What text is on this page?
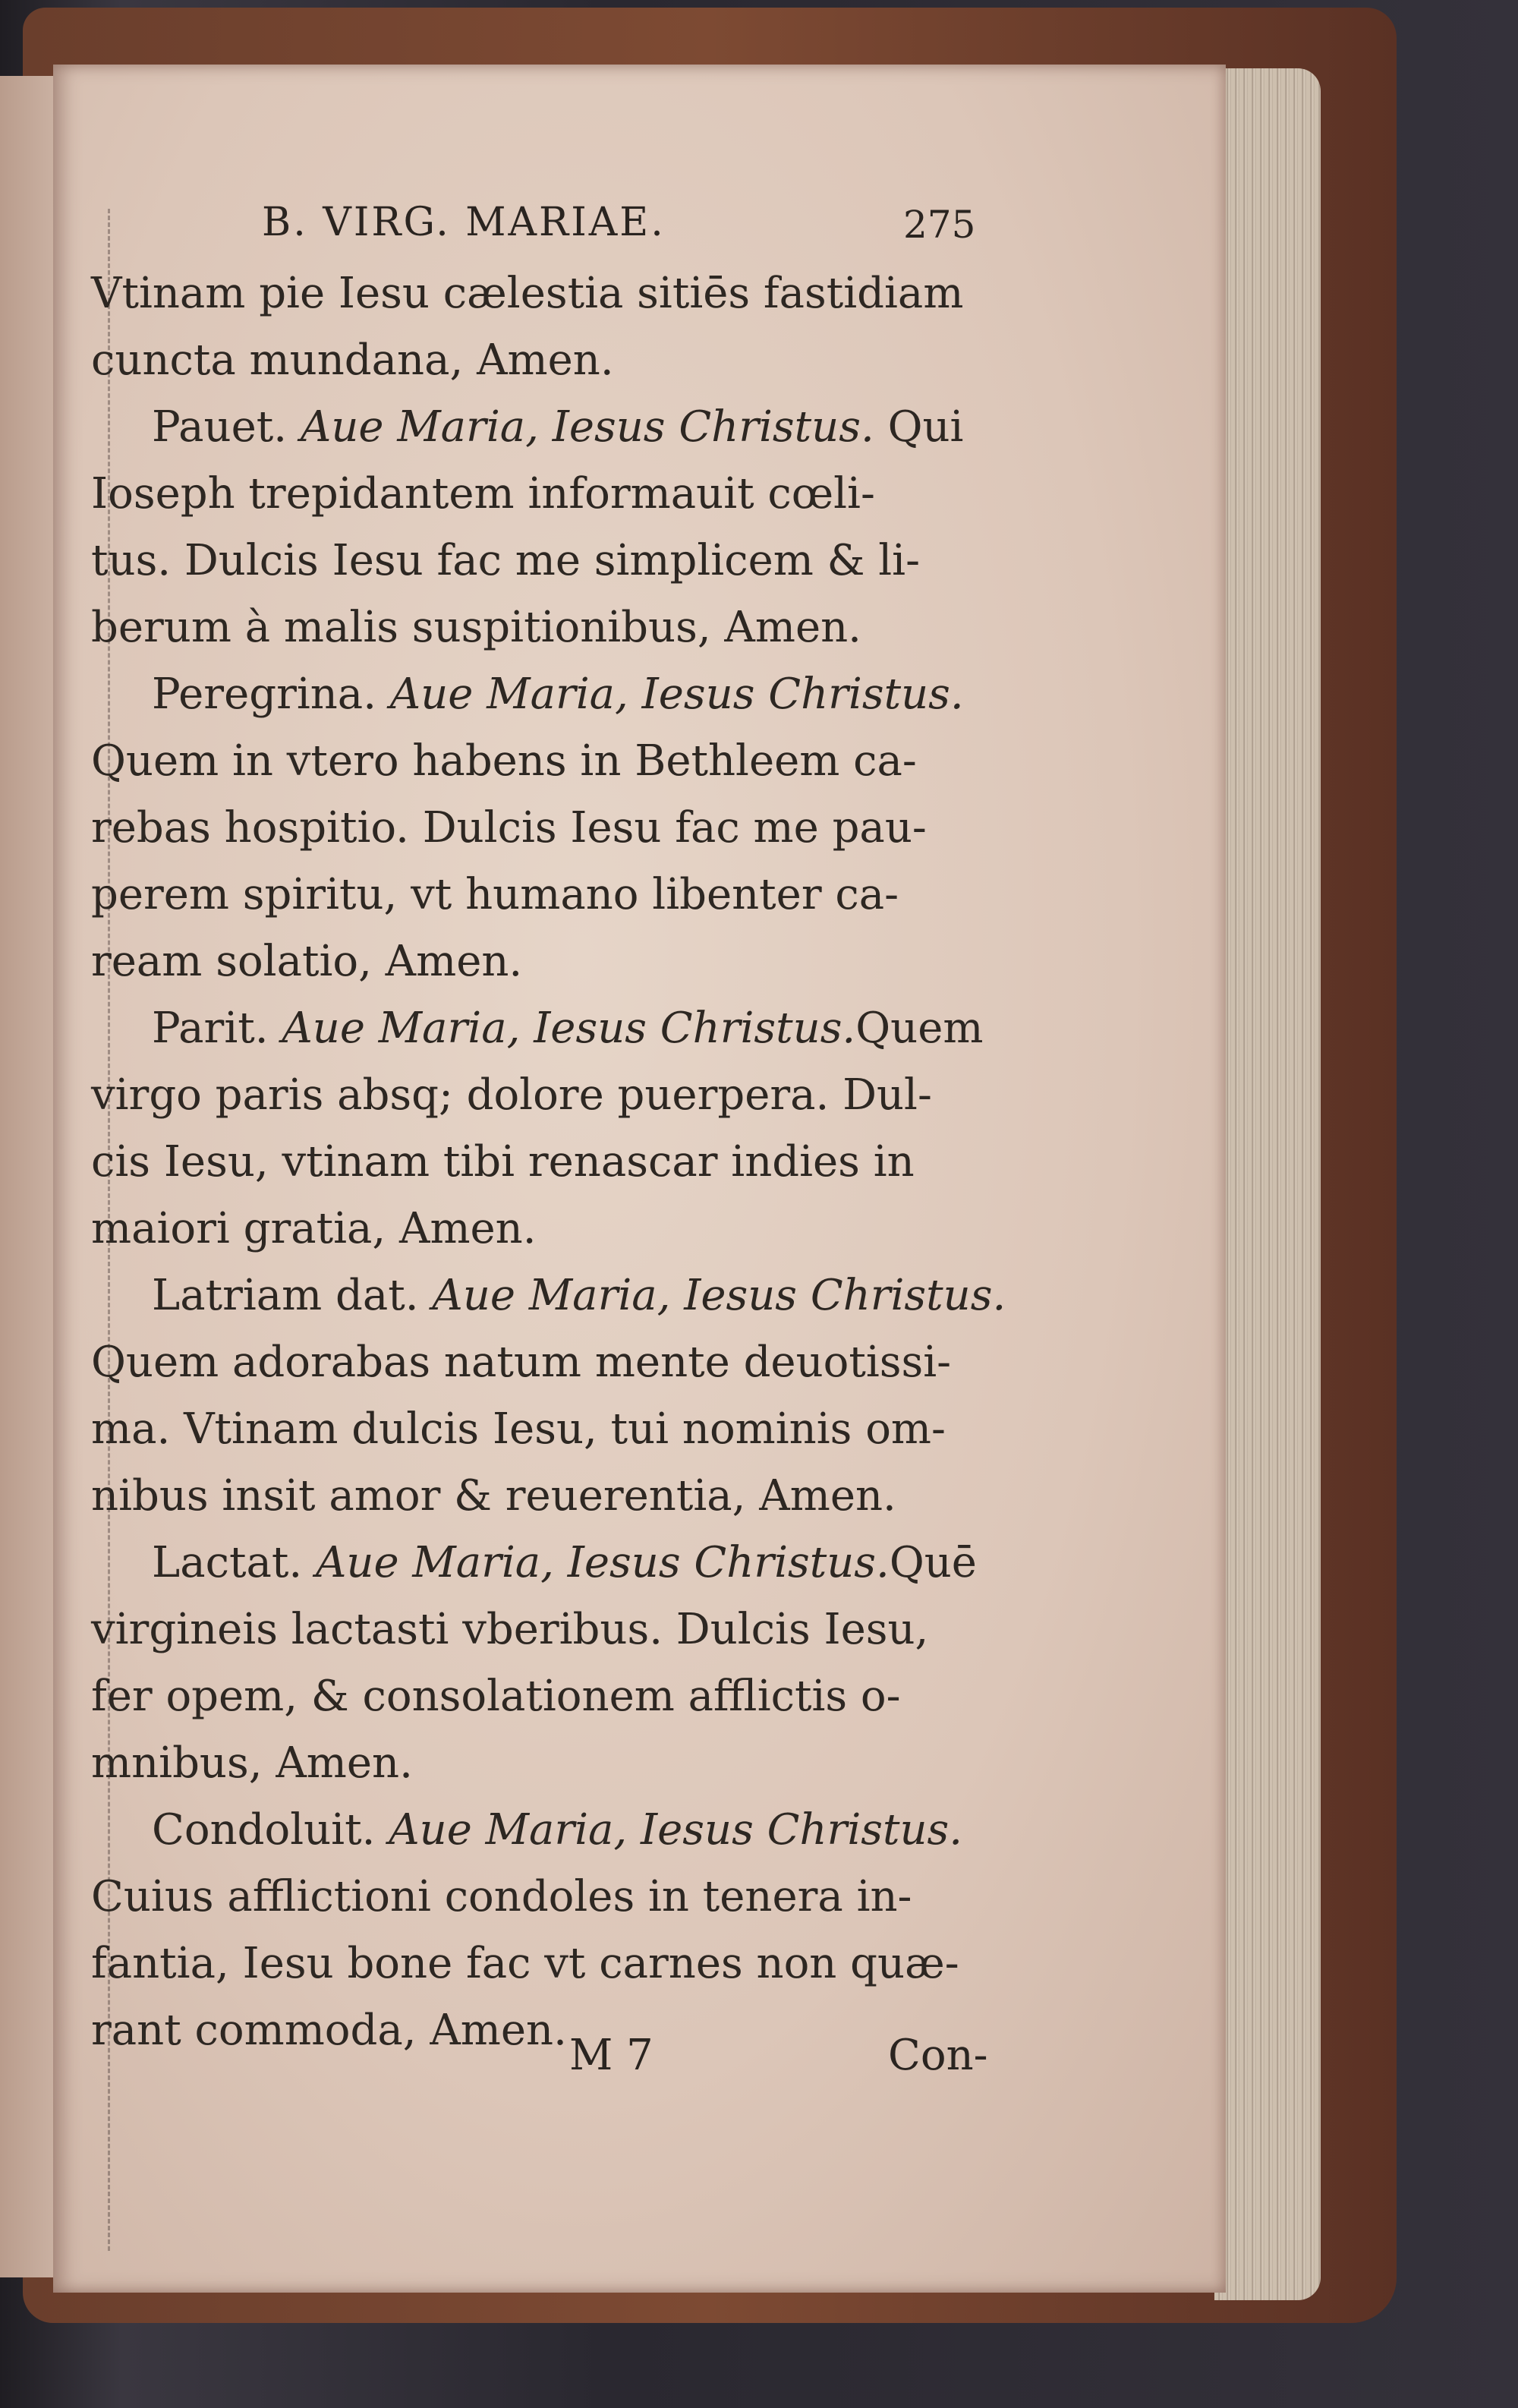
B. VIRG. MARIAE.	275
Vtinam pie Iesu cælestia sitiēs fastidiam
cuncta mundana, Amen.
Pauet. Aue Maria, Iesus Christus. Qui
Ioseph trepidantem informauit cœli-
tus. Dulcis Iesu fac me simplicem & li-
berum à malis suspitionibus, Amen.
Peregrina. Aue Maria, Iesus Christus.
Quem in vtero habens in Bethleem ca-
rebas hospitio. Dulcis Iesu fac me pau-
perem spiritu, vt humano libenter ca-
ream solatio, Amen.
Parit. Aue Maria, Iesus Christus.Quem
virgo paris absq; dolore puerpera. Dul-
cis Iesu, vtinam tibi renascar indies in
maiori gratia, Amen.
Latriam dat. Aue Maria, Iesus Christus.
Quem adorabas natum mente deuotissi-
ma. Vtinam dulcis Iesu, tui nominis om-
nibus insit amor & reuerentia, Amen.
Lactat. Aue Maria, Iesus Christus.Quē
virgineis lactasti vberibus. Dulcis Iesu,
fer opem, & consolationem afflictis o-
mnibus, Amen.
Condoluit. Aue Maria, Iesus Christus.
Cuius afflictioni condoles in tenera in-
fantia, Iesu bone fac vt carnes non quæ-
rant commoda, Amen.
M 7	Con-
